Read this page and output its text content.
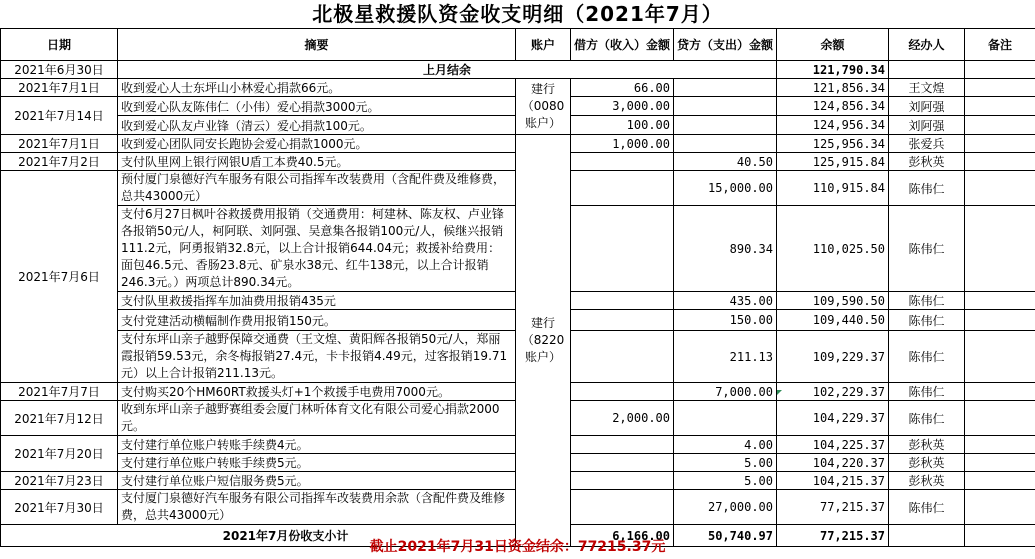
北极星救援队资金收支明细（2021年7月）
日期	摘要	账户	借方（收入）金额	贷方（支出）金额	余额	经办人	备注
2021年6月30日	上月结余				121,790.34		
2021年7月1日	收到爱心人士东坪山小林爱心捐款66元。	建行（0080账户）	66.00		121,856.34	王文煌	
2021年7月14日	收到爱心队友陈伟仁（小伟）爱心捐款3000元。		3,000.00		124,856.34	刘阿强	
	收到爱心队友卢业锋（清云）爱心捐款100元。		100.00		124,956.34	刘阿强	
2021年7月1日	收到爱心团队同安长跑协会爱心捐款1000元。	建行（8220账户）	1,000.00		125,956.34	张爱兵	
2021年7月2日	支付队里网上银行网银U盾工本费40.5元。			40.50	125,915.84	彭秋英	
2021年7月6日	预付厦门泉德好汽车服务有限公司指挥车改装费用（含配件费及维修费，总共43000元）			15,000.00	110,915.84	陈伟仁	
	支付6月27日枫叶谷救援费用报销（交通费用：柯建林、陈友权、卢业锋各报销50元/人，柯阿联、刘阿强、吴意集各报销100元/人，候继兴报销111.2元，阿勇报销32.8元，以上合计报销644.04元；救援补给费用：面包46.5元、香肠23.8元、矿泉水38元、红牛138元，以上合计报销246.3元。）两项总计890.34元。			890.34	110,025.50	陈伟仁	
	支付队里救援指挥车加油费用报销435元			435.00	109,590.50	陈伟仁	
	支付党建活动横幅制作费用报销150元。			150.00	109,440.50	陈伟仁	
	支付东坪山亲子越野保障交通费（王文煌、黄阳辉各报销50元/人，郑丽霞报销59.53元，余冬梅报销27.4元，卡卡报销4.49元，过客报销19.71元）以上合计报销211.13元。			211.13	109,229.37	陈伟仁	
2021年7月7日	支付购买20个HM60RT救援头灯+1个救援手电费用7000元。			7,000.00	102,229.37	陈伟仁	
2021年7月12日	收到东坪山亲子越野赛组委会厦门林听体育文化有限公司爱心捐款2000元。		2,000.00		104,229.37	陈伟仁	
2021年7月20日	支付建行单位账户转账手续费4元。			4.00	104,225.37	彭秋英	
	支付建行单位账户转账手续费5元。			5.00	104,220.37	彭秋英	
2021年7月23日	支付建行单位账户短信服务费5元。			5.00	104,215.37	彭秋英	
2021年7月30日	支付厦门泉德好汽车服务有限公司指挥车改装费用余款（含配件费及维修费，总共43000元）			27,000.00	77,215.37	陈伟仁	
2021年7月份收支小计			6,166.00	50,740.97	77,215.37		
截止2021年7月31日资金结余：77215.37元
